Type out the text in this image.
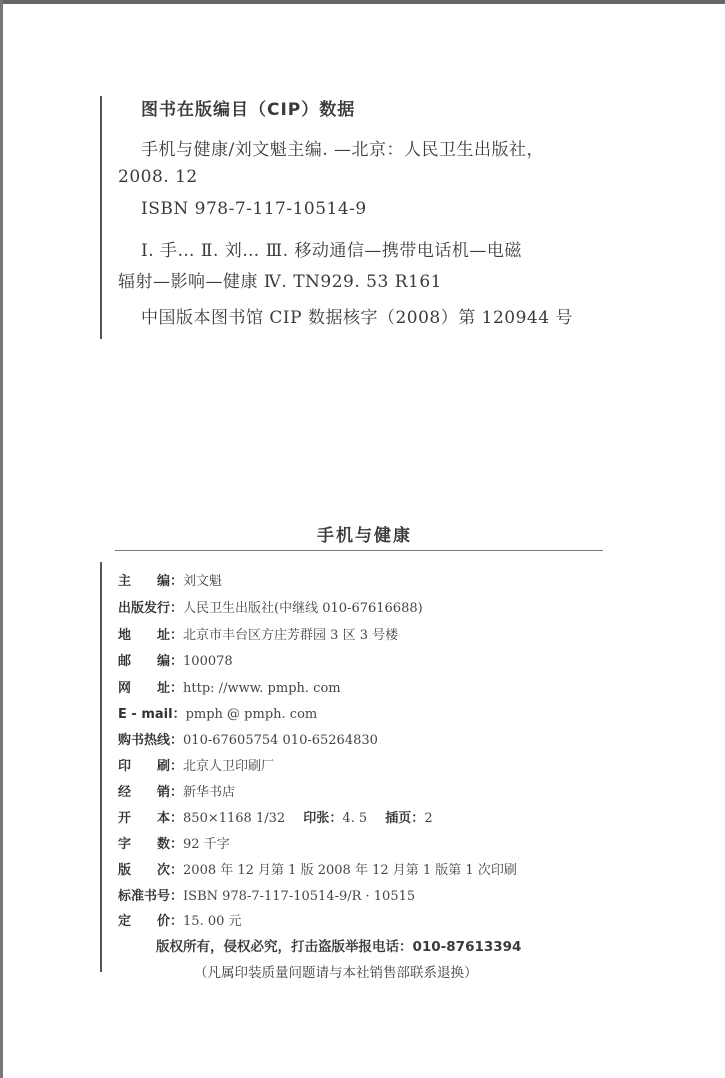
图书在版编目（CIP）数据
手机与健康/刘文魁主编. —北京：人民卫生出版社，
2008. 12
ISBN 978-7-117-10514-9
Ⅰ. 手… Ⅱ. 刘… Ⅲ. 移动通信—携带电话机—电磁
辐射—影响—健康 Ⅳ. TN929. 53 R161
中国版本图书馆 CIP 数据核字（2008）第 120944 号
手机与健康
主　　编：刘文魁
出版发行：人民卫生出版社(中继线 010-67616688)
地　　址：北京市丰台区方庄芳群园 3 区 3 号楼
邮　　编：100078
网　　址：http: //www. pmph. com
E - mail：pmph @ pmph. com
购书热线：010-67605754 010-65264830
印　　刷：北京人卫印刷厂
经　　销：新华书店
开　　本：850×1168 1/32 印张：4. 5 插页：2
字　　数：92 千字
版　　次：2008 年 12 月第 1 版 2008 年 12 月第 1 版第 1 次印刷
标准书号：ISBN 978-7-117-10514-9/R · 10515
定　　价：15. 00 元
版权所有，侵权必究，打击盗版举报电话：010-87613394
（凡属印装质量问题请与本社销售部联系退换）
